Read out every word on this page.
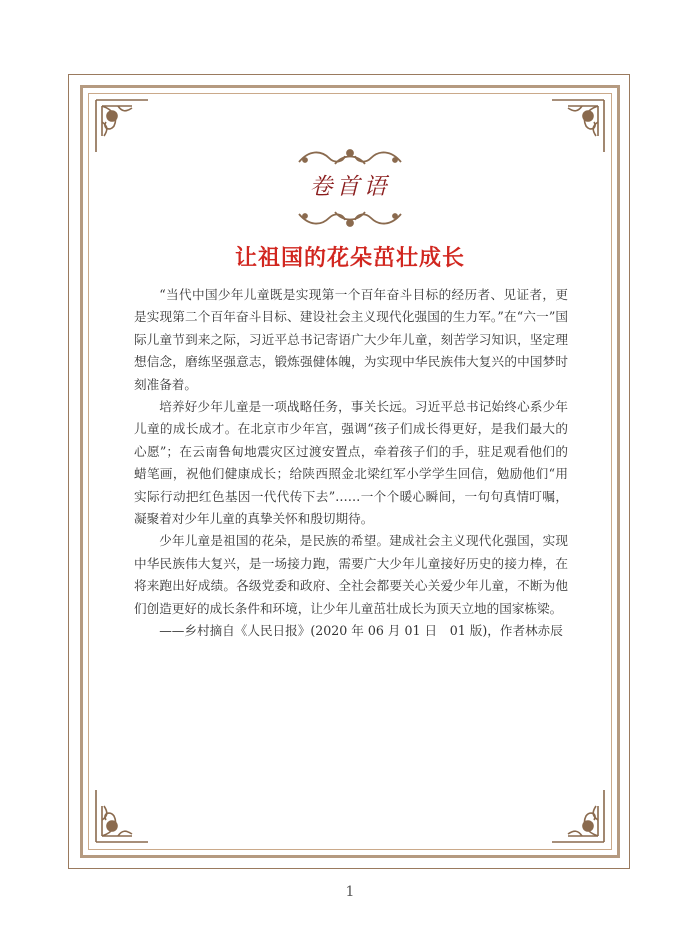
卷首语
让祖国的花朵茁壮成长

“当代中国少年儿童既是实现第一个百年奋斗目标的经历者、见证者，更是实现第二个百年奋斗目标、建设社会主义现代化强国的生力军。”在“六一”国际儿童节到来之际，习近平总书记寄语广大少年儿童，刻苦学习知识，坚定理想信念，磨练坚强意志，锻炼强健体魄，为实现中华民族伟大复兴的中国梦时刻准备着。

培养好少年儿童是一项战略任务，事关长远。习近平总书记始终心系少年儿童的成长成才。在北京市少年宫，强调“孩子们成长得更好，是我们最大的心愿”；在云南鲁甸地震灾区过渡安置点，牵着孩子们的手，驻足观看他们的蜡笔画，祝他们健康成长；给陕西照金北梁红军小学学生回信，勉励他们“用实际行动把红色基因一代代传下去”……一个个暖心瞬间，一句句真情叮嘱，凝聚着对少年儿童的真挚关怀和殷切期待。

少年儿童是祖国的花朵，是民族的希望。建成社会主义现代化强国，实现中华民族伟大复兴，是一场接力跑，需要广大少年儿童接好历史的接力棒，在将来跑出好成绩。各级党委和政府、全社会都要关心关爱少年儿童，不断为他们创造更好的成长条件和环境，让少年儿童茁壮成长为顶天立地的国家栋梁。

——乡村摘自《人民日报》(2020 年 06 月 01 日　01 版)，作者林赤辰

1
